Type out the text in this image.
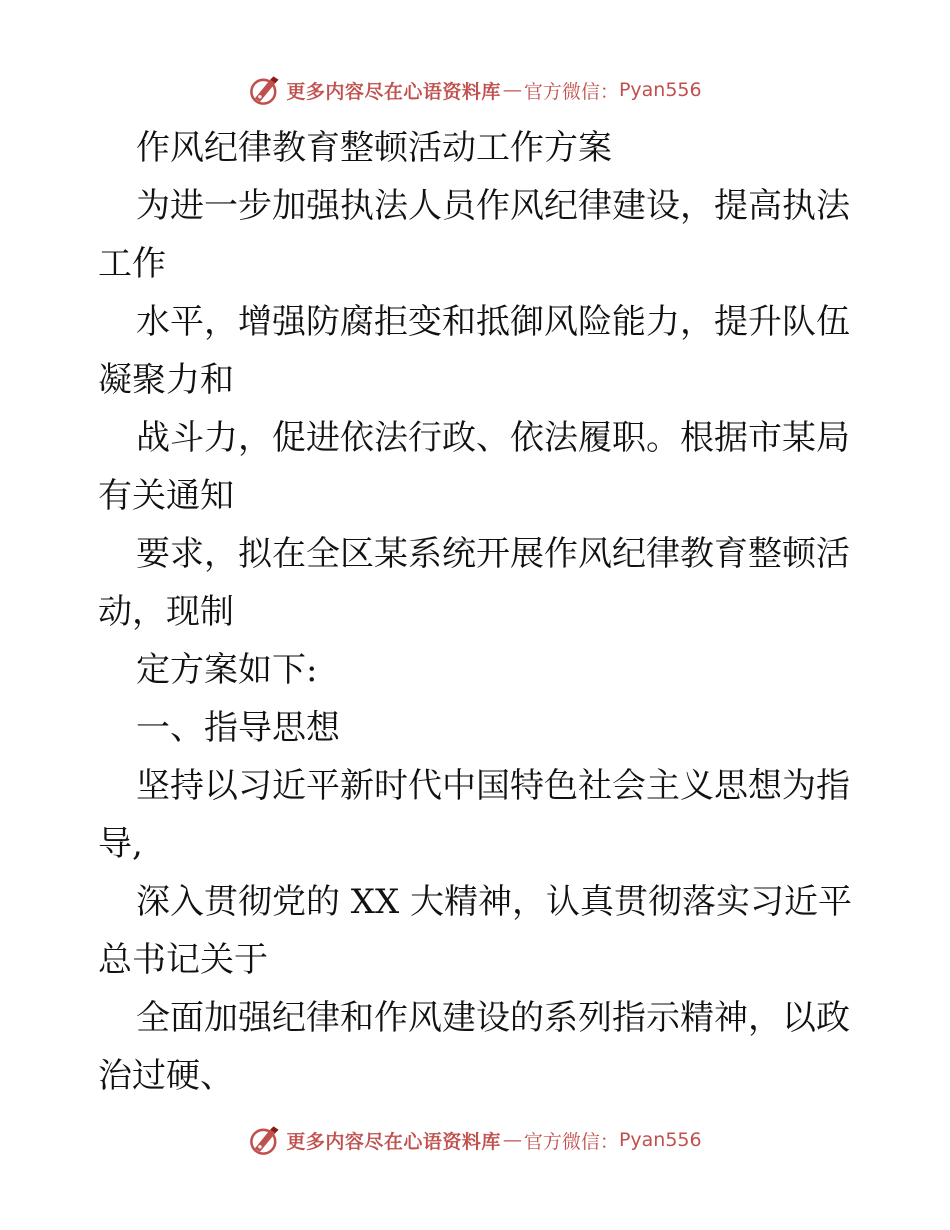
更多内容尽在心语资料库 — 官方微信： Pyan556
作风纪律教育整顿活动工作方案
为进一步加强执法人员作风纪律建设，提高执法
工作
水平，增强防腐拒变和抵御风险能力，提升队伍
凝聚力和
战斗力，促进依法行政、依法履职。根据市某局
有关通知
要求，拟在全区某系统开展作风纪律教育整顿活
动，现制
定方案如下:
一、指导思想
坚持以习近平新时代中国特色社会主义思想为指
导,
深入贯彻党的 XX 大精神，认真贯彻落实习近平
总书记关于
全面加强纪律和作风建设的系列指示精神，以政
治过硬、
更多内容尽在心语资料库 — 官方微信： Pyan556
